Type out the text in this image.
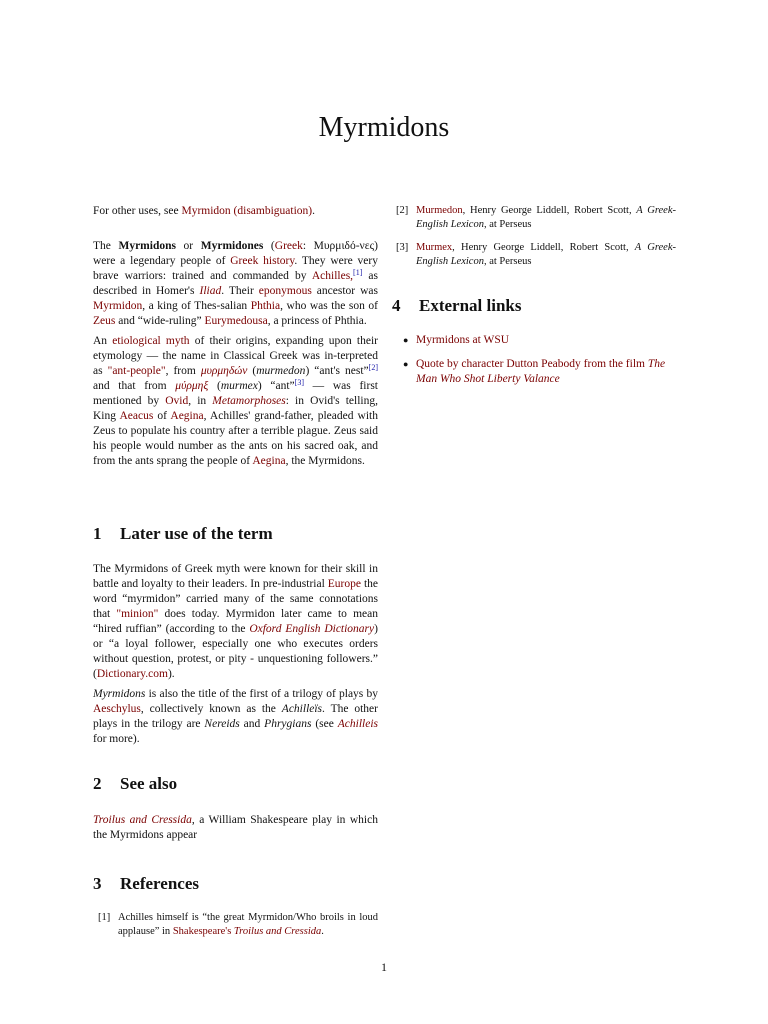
Myrmidons
For other uses, see Myrmidon (disambiguation).

The Myrmidons or Myrmidones (Greek: Μυρμιδό-νες) were a legendary people of Greek history. They were very brave warriors: trained and commanded by Achilles,[1] as described in Homer's Iliad. Their eponymous ancestor was Myrmidon, a king of Thes-salian Phthia, who was the son of Zeus and “wide-ruling” Eurymedousa, a princess of Phthia.

An etiological myth of their origins, expanding upon their etymology — the name in Classical Greek was in-terpreted as "ant-people", from μυρμηδών (murmedon) “ant's nest”[2] and that from μύρμηξ (murmex) “ant”[3] — was first mentioned by Ovid, in Metamorphoses: in Ovid's telling, King Aeacus of Aegina, Achilles' grand-father, pleaded with Zeus to populate his country after a terrible plague. Zeus said his people would number as the ants on his sacred oak, and from the ants sprang the people of Aegina, the Myrmidons.

1 Later use of the term

The Myrmidons of Greek myth were known for their skill in battle and loyalty to their leaders. In pre-industrial Europe the word “myrmidon” carried many of the same connotations that "minion" does today. Myrmidon later came to mean “hired ruffian” (according to the Oxford English Dictionary) or “a loyal follower, especially one who executes orders without question, protest, or pity - unquestioning followers.” (Dictionary.com).

Myrmidons is also the title of the first of a trilogy of plays by Aeschylus, collectively known as the Achilleïs. The other plays in the trilogy are Nereids and Phrygians (see Achilleis for more).

2 See also
Troilus and Cressida, a William Shakespeare play in which the Myrmidons appear
3 References
[1] Achilles himself is “the great Myrmidon/Who broils in loud applause” in Shakespeare's Troilus and Cressida.
[2] Murmedon, Henry George Liddell, Robert Scott, A Greek-English Lexicon, at Perseus
[3] Murmex, Henry George Liddell, Robert Scott, A Greek-English Lexicon, at Perseus
4 External links
● Myrmidons at WSU
● Quote by character Dutton Peabody from the film The Man Who Shot Liberty Valance
1
